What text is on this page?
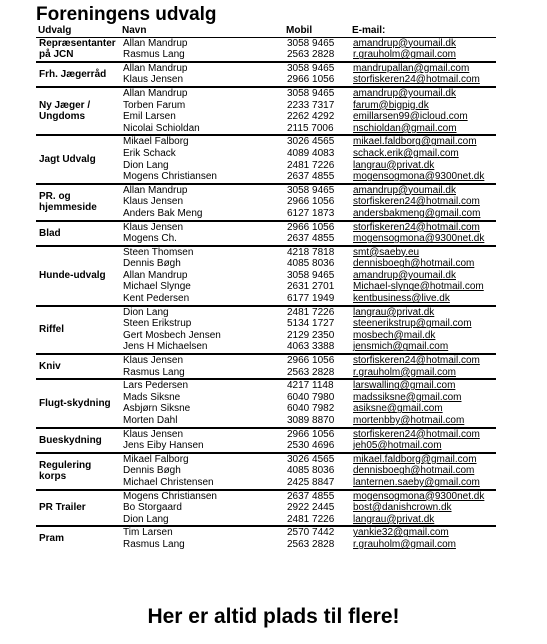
Foreningens udvalg
Udvalg	Navn	Mobil	E-mail:
Repræsentanter på JCN	Allan Mandrup	3058 9465	amandrup@youmail.dk
	Rasmus Lang	2563 2828	r.grauholm@gmail.com
Frh. Jægerråd	Allan Mandrup	3058 9465	mandrupallan@gmail.com
	Klaus Jensen	2966 1056	storfiskeren24@hotmail.com
Ny Jæger / Ungdoms	Allan Mandrup	3058 9465	amandrup@youmail.dk
	Torben Farum	2233 7317	farum@bigpig.dk
	Emil Larsen	2262 4292	emillarsen99@icloud.com
	Nicolai Schioldan	2115 7006	nschioldan@gmail.com
Jagt Udvalg	Mikael Falborg	3026 4565	mikael.faldborg@gmail.com
	Erik Schack	4089 4083	schack.erik@gmail.com
	Dion Lang	2481 7226	langrau@privat.dk
	Mogens Christiansen	2637 4855	mogensogmona@9300net.dk
PR. og hjemmeside	Allan Mandrup	3058 9465	amandrup@youmail.dk
	Klaus Jensen	2966 1056	storfiskeren24@hotmail.com
	Anders Bak Meng	6127 1873	andersbakmeng@gmail.com
Blad	Klaus Jensen	2966 1056	storfiskeren24@hotmail.com
	Mogens Ch.	2637 4855	mogensogmona@9300net.dk
Hunde-udvalg	Steen Thomsen	4218 7818	smt@saeby.eu
	Dennis Bøgh	4085 8036	dennisboegh@hotmail.com
	Allan Mandrup	3058 9465	amandrup@youmail.dk
	Michael Slynge	2631 2701	Michael-slynge@hotmail.com
	Kent Pedersen	6177 1949	kentbusiness@live.dk
Riffel	Dion Lang	2481 7226	langrau@privat.dk
	Steen Erikstrup	5134 1727	steenerikstrup@gmail.com
	Gert Mosbech Jensen	2129 2350	mosbech@mail.dk
	Jens H Michaelsen	4063 3388	jensmich@gmail.com
Kniv	Klaus Jensen	2966 1056	storfiskeren24@hotmail.com
	Rasmus Lang	2563 2828	r.grauholm@gmail.com
Flugt-skydning	Lars Pedersen	4217 1148	larswalling@gmail.com
	Mads Siksne	6040 7980	madssiksne@gmail.com
	Asbjørn Siksne	6040 7982	asiksne@gmail.com
	Morten Dahl	3089 8870	mortenbby@hotmail.com
Bueskydning	Klaus Jensen	2966 1056	storfiskeren24@hotmail.com
	Jens Eiby Hansen	2530 4696	jeh05@hotmail.com
Regulering korps	Mikael Falborg	3026 4565	mikael.faldborg@gmail.com
	Dennis Bøgh	4085 8036	dennisboegh@hotmail.com
	Michael Christensen	2425 8847	lanternen.saeby@gmail.com
PR Trailer	Mogens Christiansen	2637 4855	mogensogmona@9300net.dk
	Bo Storgaard	2922 2445	bost@danishcrown.dk
	Dion Lang	2481 7226	langrau@privat.dk
Pram	Tim Larsen	2570 7442	yankie32@gmail.com
	Rasmus Lang	2563 2828	r.grauholm@gmail.com
Her er altid plads til flere!
